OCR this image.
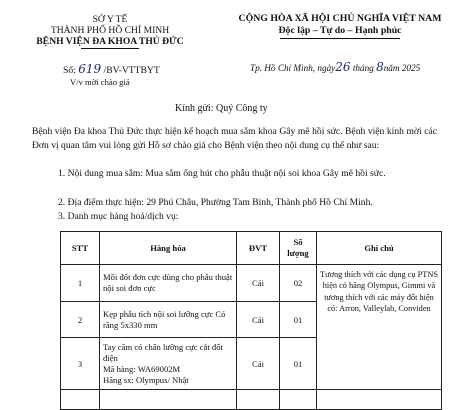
SỞ Y TẾ
THÀNH PHỐ HỒ CHÍ MINH
BỆNH VIỆN ĐA KHOA THỦ ĐỨC
Số: 619 /BV-VTTBYT
V/v mời chào giá
CỘNG HÒA XÃ HỘI CHỦ NGHĨA VIỆT NAM
Độc lập – Tự do – Hạnh phúc
Tp. Hồ Chí Minh, ngày26 tháng 8năm 2025
Kính gửi: Quý Công ty
Bệnh viện Đa khoa Thủ Đức thực hiện kế hoạch mua sắm khoa Gây mê hồi sức. Bệnh viện kính mời các Đơn vị quan tâm vui lòng gửi Hồ sơ chào giá cho Bệnh viện theo nội dung cụ thể như sau:
1. Nội dung mua sắm: Mua sắm ống hút cho phẫu thuật nội soi khoa Gây mê hồi sức.
2. Địa điểm thực hiện: 29 Phú Châu, Phường Tam Bình, Thành phố Hồ Chí Minh.
3. Danh mục hàng hoá/dịch vụ:
STT	Hàng hóa	ĐVT	Số lượng	Ghi chú
1	Mồi đốt đơn cực dùng cho phẫu thuật nội soi đơn cực	Cái	02	Tương thích với các dụng cụ PTNS hiện có hãng Olympus, Gimmi và tương thích với các máy đốt hiện có: Arron, Valleylab, Conviden
2	Kẹp phẫu tích nội soi lưỡng cực Có răng 5x330 mm	Cái	01	
3	Tay cầm có chân lưỡng cực cắt đốt điện
Mã hàng: WA69002M
Hãng sx: Olympus/ Nhật	Cái	01	
